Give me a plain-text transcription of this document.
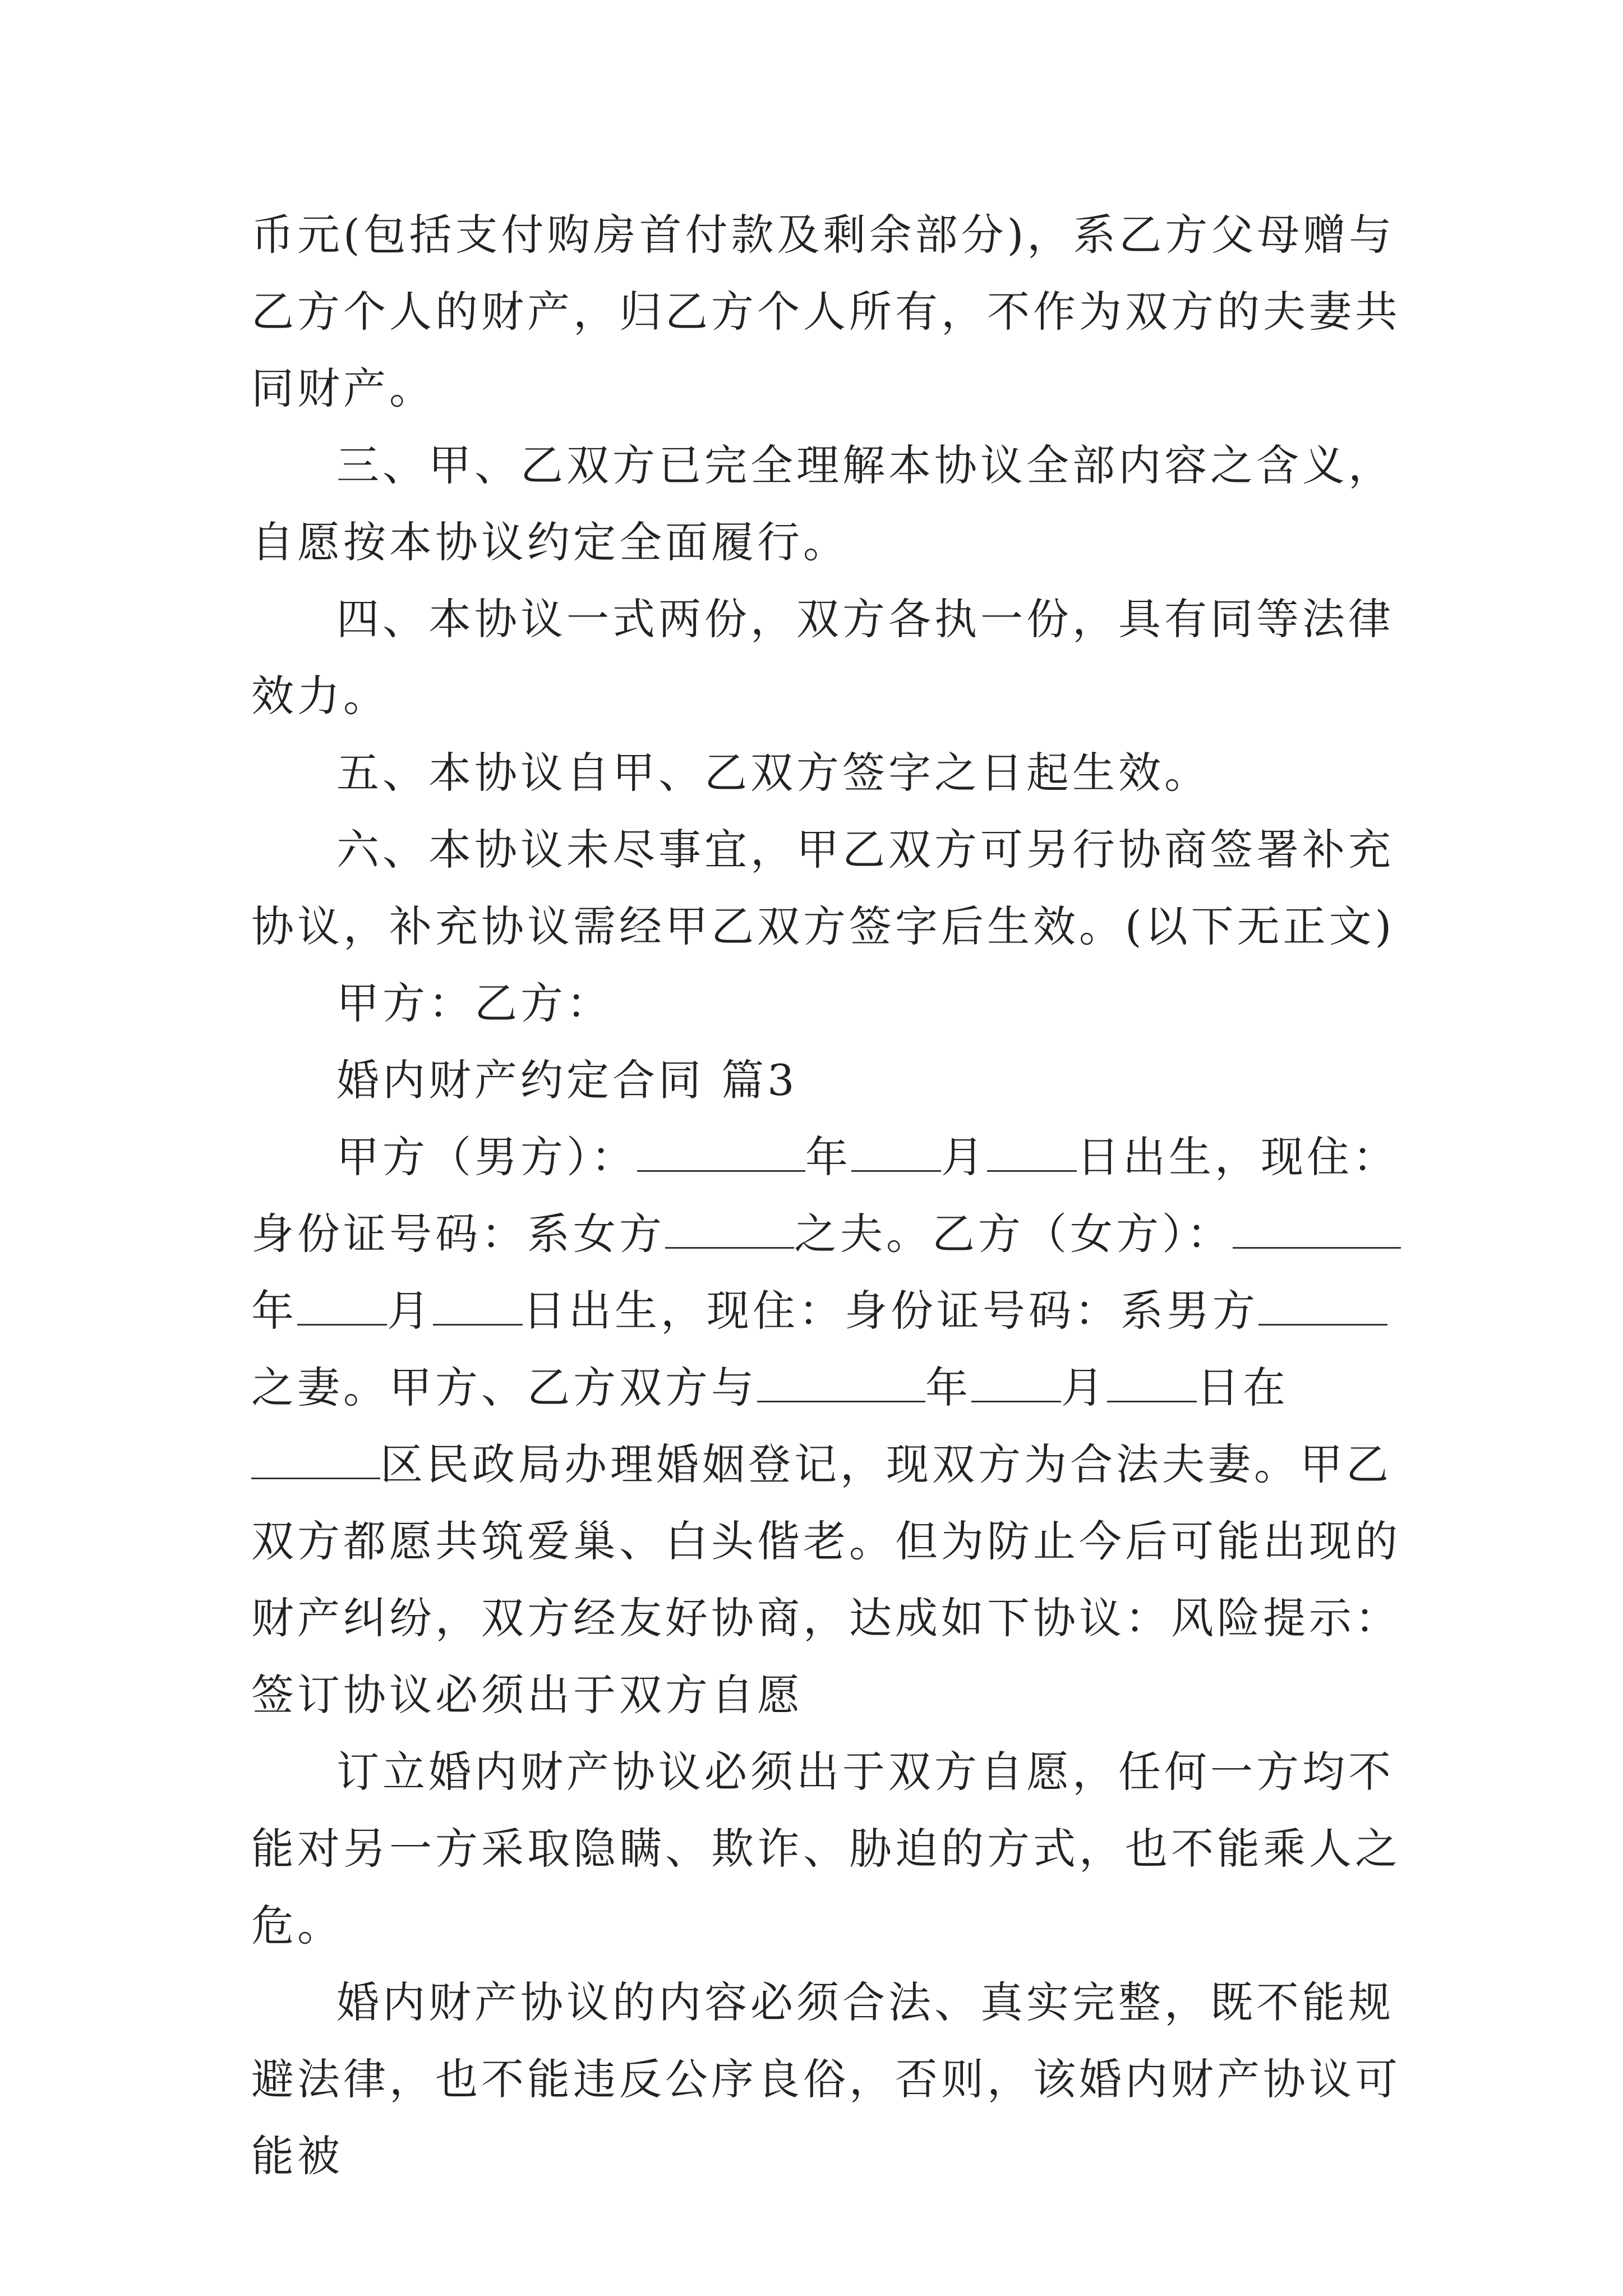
币元(包括支付购房首付款及剩余部分)，系乙方父母赠与乙方个人的财产，归乙方个人所有，不作为双方的夫妻共同财产。

三、甲、乙双方已完全理解本协议全部内容之含义，自愿按本协议约定全面履行。

四、本协议一式两份，双方各执一份，具有同等法律效力。

五、本协议自甲、乙双方签字之日起生效。

六、本协议未尽事宜，甲乙双方可另行协商签署补充协议，补充协议需经甲乙双方签字后生效。(以下无正文)

甲方：乙方：

婚内财产约定合同 篇3

甲方（男方）：	年 月 日出生，现住：身份证号码：系女方	之夫。乙方（女方）：年 月 日出生，现住：身份证号码：系男方之妻。甲方、乙方双方与	年 月 日在区民政局办理婚姻登记，现双方为合法夫妻。甲乙双方都愿共筑爱巢、白头偕老。但为防止今后可能出现的财产纠纷，双方经友好协商，达成如下协议：风险提示： 签订协议必须出于双方自愿

订立婚内财产协议必须出于双方自愿，任何一方均不能对另一方采取隐瞒、欺诈、胁迫的方式，也不能乘人之危。

婚内财产协议的内容必须合法、真实完整，既不能规避法律，也不能违反公序良俗，否则，该婚内财产协议可能被
